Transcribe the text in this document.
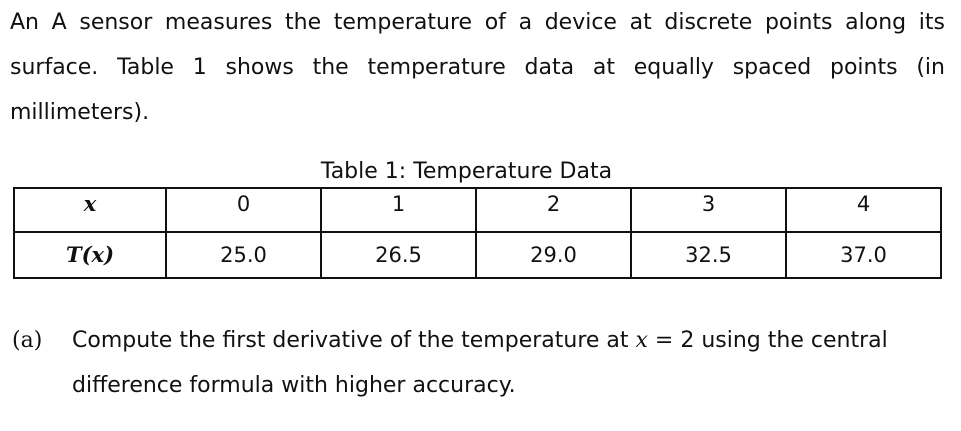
An A sensor measures the temperature of a device at discrete points along its surface. Table 1 shows the temperature data at equally spaced points (in millimeters).

Table 1: Temperature Data
x	0	1	2	3	4
T(x)	25.0	26.5	29.0	32.5	37.0
(a) Compute the first derivative of the temperature at x = 2 using the central difference formula with higher accuracy.
